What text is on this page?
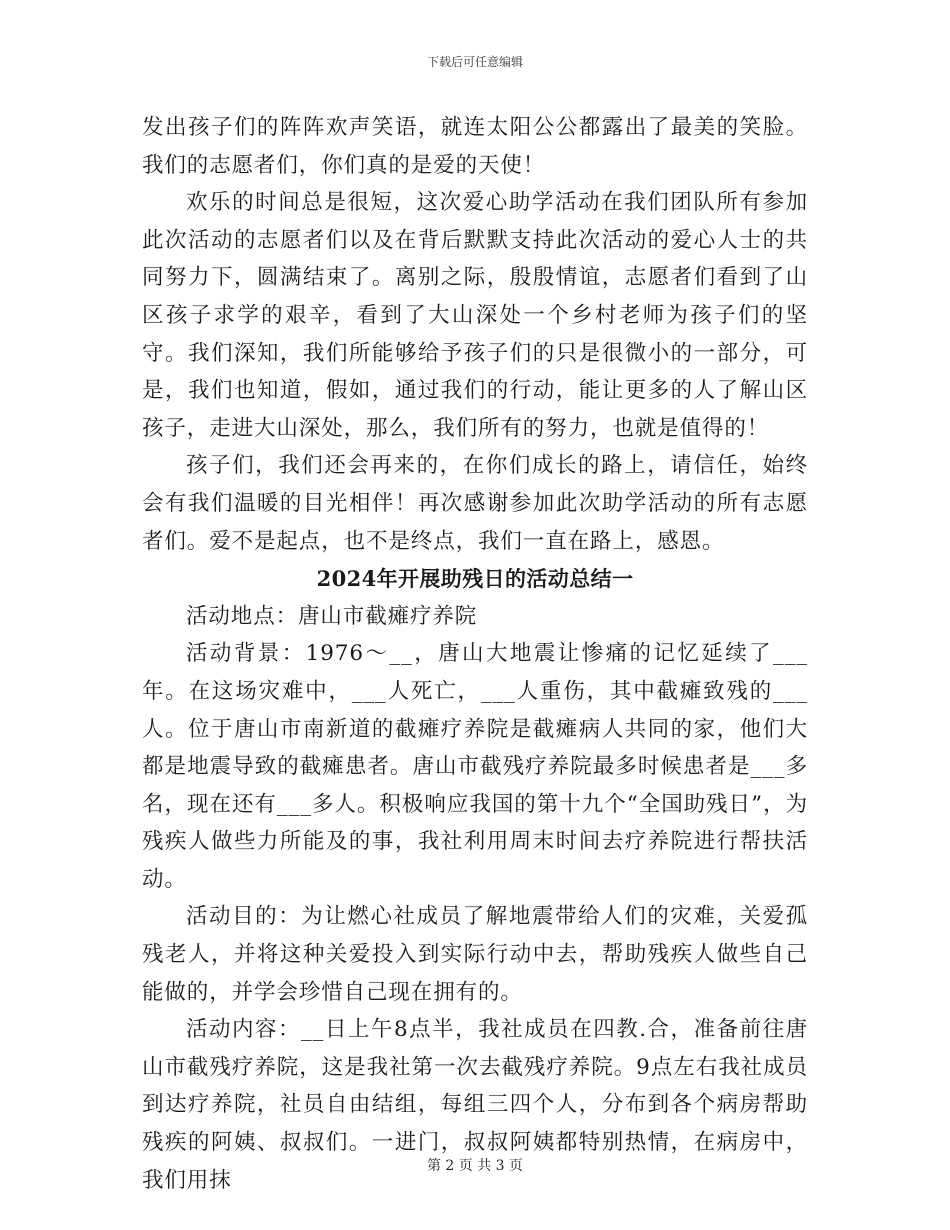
下载后可任意编辑

发出孩子们的阵阵欢声笑语，就连太阳公公都露出了最美的笑脸。我们的志愿者们，你们真的是爱的天使！

欢乐的时间总是很短，这次爱心助学活动在我们团队所有参加此次活动的志愿者们以及在背后默默支持此次活动的爱心人士的共同努力下，圆满结束了。离别之际，殷殷情谊，志愿者们看到了山区孩子求学的艰辛，看到了大山深处一个乡村老师为孩子们的坚守。我们深知，我们所能够给予孩子们的只是很微小的一部分，可是，我们也知道，假如，通过我们的行动，能让更多的人了解山区孩子，走进大山深处，那么，我们所有的努力，也就是值得的！

孩子们，我们还会再来的，在你们成长的路上，请信任，始终会有我们温暖的目光相伴！再次感谢参加此次助学活动的所有志愿者们。爱不是起点，也不是终点，我们一直在路上，感恩。

2024年开展助残日的活动总结一

活动地点：唐山市截瘫疗养院

活动背景：1976～__，唐山大地震让惨痛的记忆延续了___年。在这场灾难中，___人死亡，___人重伤，其中截瘫致残的___人。位于唐山市南新道的截瘫疗养院是截瘫病人共同的家，他们大都是地震导致的截瘫患者。唐山市截残疗养院最多时候患者是___多名，现在还有___多人。积极响应我国的第十九个“全国助残日”，为残疾人做些力所能及的事，我社利用周末时间去疗养院进行帮扶活动。

活动目的：为让燃心社成员了解地震带给人们的灾难，关爱孤残老人，并将这种关爱投入到实际行动中去，帮助残疾人做些自己能做的，并学会珍惜自己现在拥有的。

活动内容：__日上午8点半，我社成员在四教.合，准备前往唐山市截残疗养院，这是我社第一次去截残疗养院。9点左右我社成员到达疗养院，社员自由结组，每组三四个人，分布到各个病房帮助残疾的阿姨、叔叔们。一进门，叔叔阿姨都特别热情，在病房中，我们用抹

第 2 页 共 3 页
